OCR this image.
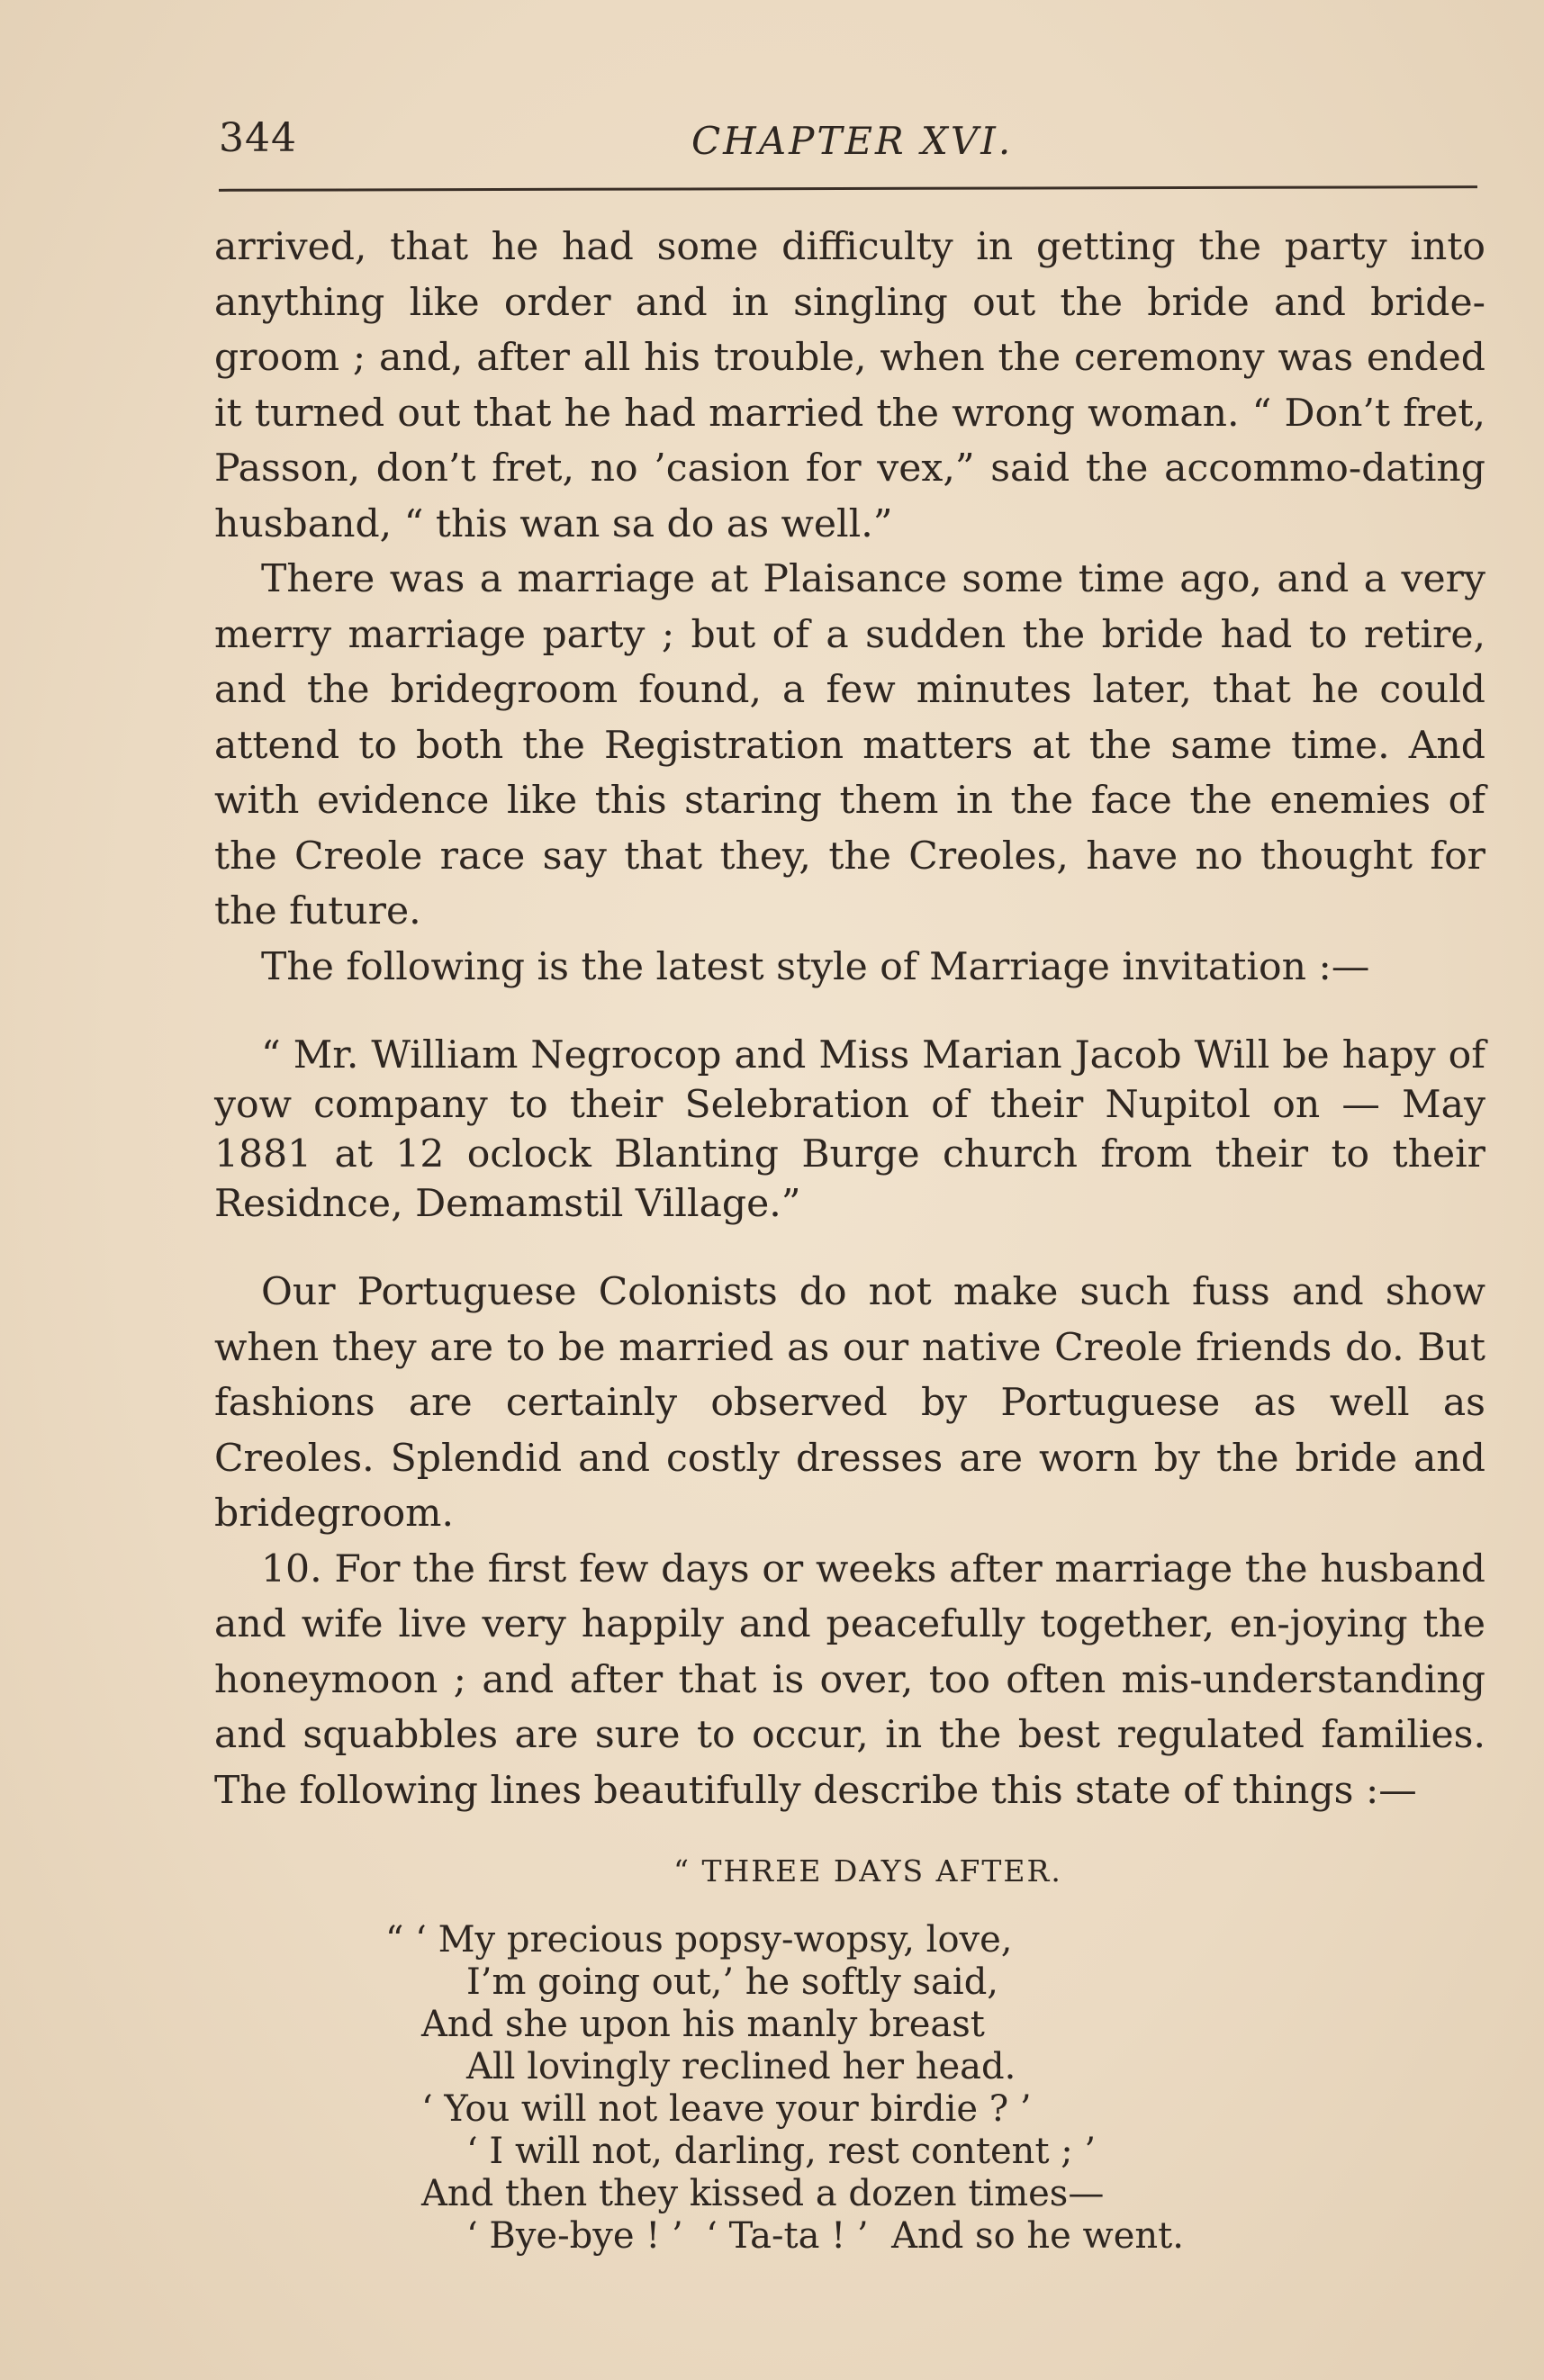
344	CHAPTER XVI.

arrived, that he had some difficulty in getting the party into anything like order and in singling out the bride and bride-groom ; and, after all his trouble, when the ceremony was ended it turned out that he had married the wrong woman. “ Don’t fret, Passon, don’t fret, no ’casion for vex,” said the accommo-dating husband, “ this wan sa do as well.”

There was a marriage at Plaisance some time ago, and a very merry marriage party ; but of a sudden the bride had to retire, and the bridegroom found, a few minutes later, that he could attend to both the Registration matters at the same time. And with evidence like this staring them in the face the enemies of the Creole race say that they, the Creoles, have no thought for the future.

The following is the latest style of Marriage invitation :—

“ Mr. William Negrocop and Miss Marian Jacob Will be hapy of yow company to their Selebration of their Nupitol on — May 1881 at 12 oclock Blanting Burge church from their to their Residnce, Demamstil Village.”

Our Portuguese Colonists do not make such fuss and show when they are to be married as our native Creole friends do. But fashions are certainly observed by Portuguese as well as Creoles. Splendid and costly dresses are worn by the bride and bridegroom.

10. For the first few days or weeks after marriage the husband and wife live very happily and peacefully together, en-joying the honeymoon ; and after that is over, too often mis-understanding and squabbles are sure to occur, in the best regulated families. The following lines beautifully describe this state of things :—

“ THREE DAYS AFTER.

“ ‘ My precious popsy-wopsy, love,

I’m going out,’ he softly said,

And she upon his manly breast

All lovingly reclined her head.

‘ You will not leave your birdie ? ’

‘ I will not, darling, rest content ; ’

And then they kissed a dozen times—

‘ Bye-bye ! ’  ‘ Ta-ta ! ’  And so he went.
